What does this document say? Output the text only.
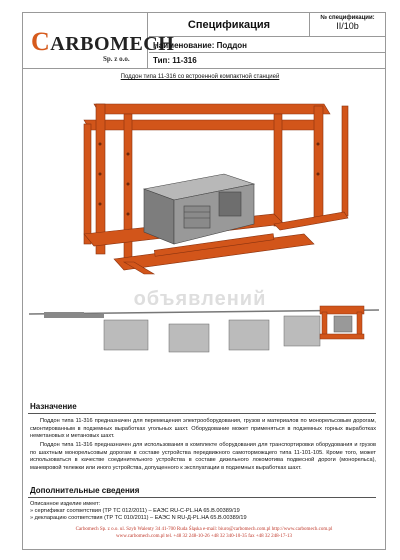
CARBOMECH
Sp. z o.o.
Спецификация
№ спецификации:
II/10b
Наименование: Поддон
Тип: 11-316
Поддон типа 11-316 со встроенной компактной станцией
объявлений
Назначение
Поддон типа 11-316 предназначен для перемещения электрооборудования, грузов и материалов по монорельсовым дорогам, смонтированным в подземных выработках угольных шахт. Оборудование может применяться в подземных горных выработках неметановых и метановых шахт.
Поддон типа 11-316 предназначен для использования в комплекте оборудования для транспортировки оборудования и грузов по шахтным монорельсовым дорогам в составе устройства передвижного самоторможщего типа 11-101-105. Кроме того, может использоваться в качестве соединительного устройства в составе дизельного локомотива подвесной дороги (монорельса), маневровой тележки или иного устройства, допущенного к эксплуатации в подземных выработках шахт.
Дополнительные сведения
Описанное изделие имеет:
» сертификат соответствия (ТР ТС 012/2011) – ЕАЭС RU-C-PL.HA 65.B.00389/19
» декларацию соответствия (ТР ТС 010/2011) – ЕАЭС N RU-Д-PL.HA 65.B.00389/19
Carbomech Sp. z o.o. ul. Szyb Walenty 34 41-700 Ruda Śląska e-mail: biuro@carbomech.com.pl http://www.carbomech.com.pl
www.carbomech.com.pl tel. +48 32 248-10-26 +48 32 340-10-35 fax +48 32 248-17-13
